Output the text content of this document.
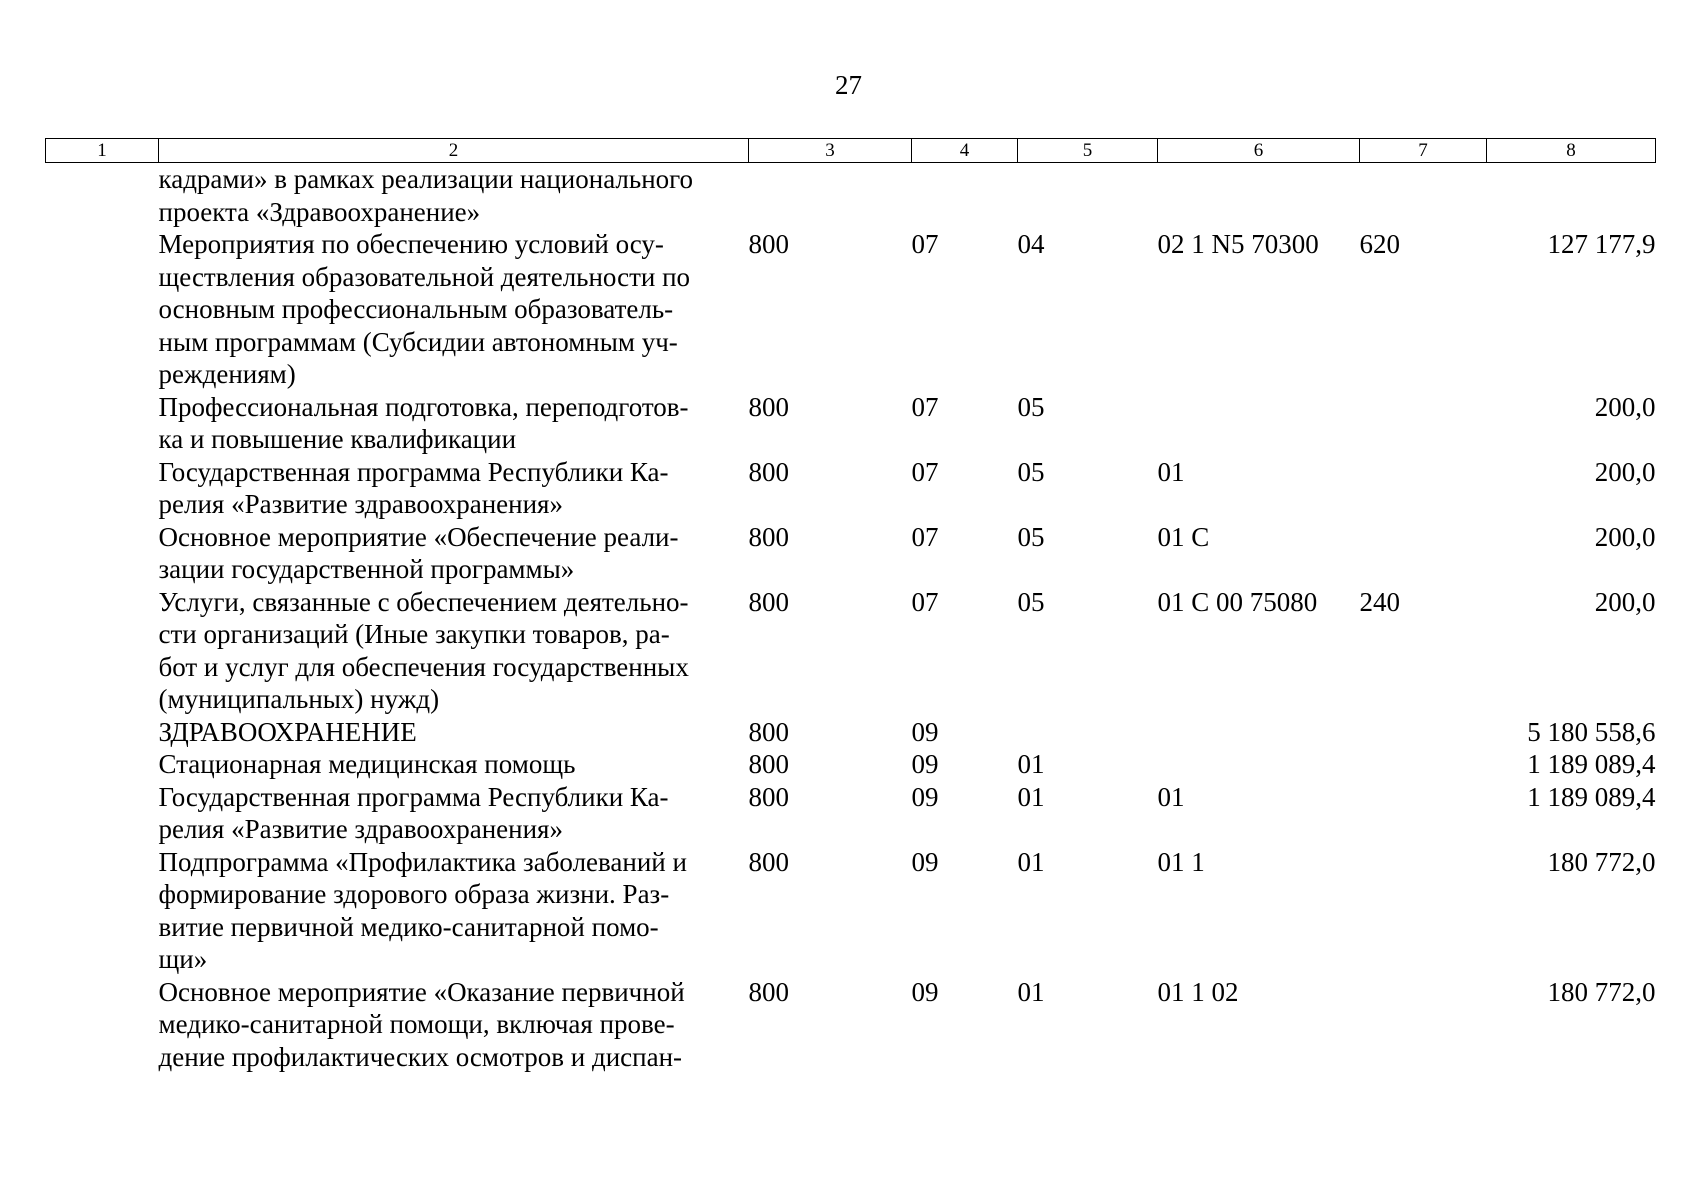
27
1	2	3	4	5	6	7	8

	кадрами» в рамках реализации национального
проекта «Здравоохранение»						

	Мероприятия по обеспечению условий осу-
ществления образовательной деятельности по
основным профессиональным образователь-
ным программам (Субсидии автономным уч-
реждениям)	800	07	04	02 1 N5 70300	620	127 177,9

	Профессиональная подготовка, переподготов-
ка и повышение квалификации	800	07	05			200,0

	Государственная программа Республики Ка-
релия «Развитие здравоохранения»	800	07	05	01		200,0

	Основное мероприятие «Обеспечение реали-
зации государственной программы»	800	07	05	01 С		200,0

	Услуги, связанные с обеспечением деятельно-
сти организаций (Иные закупки товаров, ра-
бот и услуг для обеспечения государственных
(муниципальных) нужд)	800	07	05	01 С 00 75080	240	200,0

	ЗДРАВООХРАНЕНИЕ	800	09				5 180 558,6

	Стационарная медицинская помощь	800	09	01			1 189 089,4

	Государственная программа Республики Ка-
релия «Развитие здравоохранения»	800	09	01	01		1 189 089,4

	Подпрограмма «Профилактика заболеваний и
формирование здорового образа жизни. Раз-
витие первичной медико-санитарной помо-
щи»	800	09	01	01 1		180 772,0

	Основное мероприятие «Оказание первичной
медико-санитарной помощи, включая прове-
дение профилактических осмотров и диспан-	800	09	01	01 1 02		180 772,0
